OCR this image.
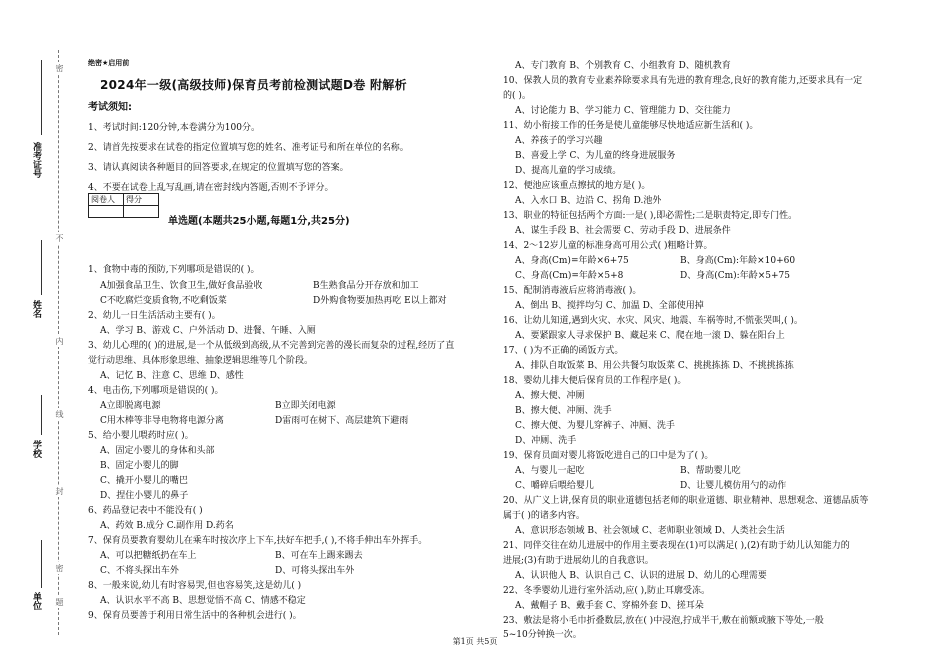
准考证号
姓名
学校
单位
密
不
内
线
封
密
题
绝密★启用前
2024年一级(高级技师)保育员考前检测试题D卷 附解析
考试须知:
1、考试时间:120分钟,本卷满分为100分。
2、请首先按要求在试卷的指定位置填写您的姓名、准考证号和所在单位的名称。
3、请认真阅读各种题目的回答要求,在规定的位置填写您的答案。
4、不要在试卷上乱写乱画,请在密封线内答题,否则不予评分。
阅卷人	得分

单选题(本题共25小题,每题1分,共25分)
1、食物中毒的预防,下列哪项是错误的( )。
A加强食品卫生、饮食卫生,做好食品验收	B生熟食品分开存放和加工
C不吃腐烂变质食物,不吃剩饭菜	D外购食物要加热再吃 E以上都对
2、幼儿一日生活活动主要有( )。
A、学习 B、游戏 C、户外活动 D、进餐、午睡、入厕
3、幼儿心理的( )的进展,是一个从低级到高级,从不完善到完善的漫长而复杂的过程,经历了直
觉行动思维、具体形象思维、抽象逻辑思维等几个阶段。
A、记忆 B、注意 C、思维 D、感性
4、电击伤,下列哪项是错误的( )。
A立即脱离电源	B立即关闭电源
C用木棒等非导电物将电源分离	D雷雨可在树下、高层建筑下避雨
5、给小婴儿喂药时应( )。
A、固定小婴儿的身体和头部
B、固定小婴儿的脚
C、撬开小婴儿的嘴巴
D、捏住小婴儿的鼻子
6、药品登记表中不能没有( )
A、药效 B.成分 C.副作用 D.药名
7、保育员要教育婴幼儿在乘车时按次序上下车,扶好车把手,( ),不将手伸出车外挥手。
A、可以把糖纸扔在车上	B、可在车上踢来踢去
C、不将头探出车外	D、可将头探出车外
8、一般来说,幼儿有时容易哭,但也容易笑,这是幼儿( )
A、认识水平不高 B、思想觉悟不高 C、情感不稳定
9、保育员要善于利用日常生活中的各种机会进行( )。
A、专门教育 B、个别教育 C、小组教育 D、随机教育
10、保教人员的教育专业素养除要求具有先进的教育理念,良好的教育能力,还要求具有一定
的( )。
A、讨论能力 B、学习能力 C、管理能力 D、交往能力
11、幼小衔接工作的任务是使儿童能够尽快地适应新生活和( )。
A、养孩子的学习兴趣
B、喜爱上学 C、为儿童的终身进展服务
D、提高儿童的学习成绩。
12、便池应该重点擦拭的地方是( )。
A、入水口 B、边沿 C、拐角 D.池外
13、职业的特征包括两个方面:一是( ),即必需性;二是职责特定,即专门性。
A、谋生手段 B、社会需要 C、劳动手段 D、进展条件
14、2～12岁儿童的标准身高可用公式( )粗略计算。
A、身高(Cm)=年龄×6+75	B、身高(Cm):年龄×10+60
C、身高(Cm)=年龄×5+8	D、身高(Cm):年龄×5+75
15、配制消毒液后应将消毒液( )。
A、倒出 B、搅拌均匀 C、加温 D、全部使用掉
16、让幼儿知道,遇到火灾、水灾、风灾、地震、车祸等时,不慌张哭叫,( )。
A、要紧跟家人寻求保护 B、藏起来 C、爬在地一滚 D、躲在阳台上
17、( )为不正确的函饭方式。
A、排队自取饭菜 B、用公共餐匀取饭菜 C、挑挑拣拣 D、不挑挑拣拣
18、婴幼儿排大便后保育员的工作程序是( )。
A、擦大便、冲厕
B、擦大便、冲厕、洗手
C、擦大便、为婴儿穿裤子、冲厕、洗手
D、冲厕、洗手
19、保育员面对婴儿将饭吃进自己的口中是为了( )。
A、与婴儿一起吃	B、帮助婴儿吃
C、嚼碎后喂给婴儿	D、让婴儿模仿用勺的动作
20、从广义上讲,保育员的职业道德包括老师的职业道德、职业精神、思想观念、道德品质等
属于( )的诸多内容。
A、意识形态领域 B、社会领域 C、老师职业领域 D、人类社会生活
21、同伴交往在幼儿进展中的作用主要表现在(1)可以满足( ),(2)有助于幼儿认知能力的
进展;(3)有助于进展幼儿的自我意识。
A、认识他人 B、认识自己 C、认识的进展 D、幼儿的心理需要
22、冬季婴幼儿进行室外活动,应( ),防止耳廓受冻。
A、戴帽子 B、戴手套 C、穿棉外套 D、搓耳朵
23、敷法是将小毛巾折叠数层,放在( )中浸泡,拧成半干,敷在前额或腋下等处,一般
5~10分钟换一次。
第1页 共5页
